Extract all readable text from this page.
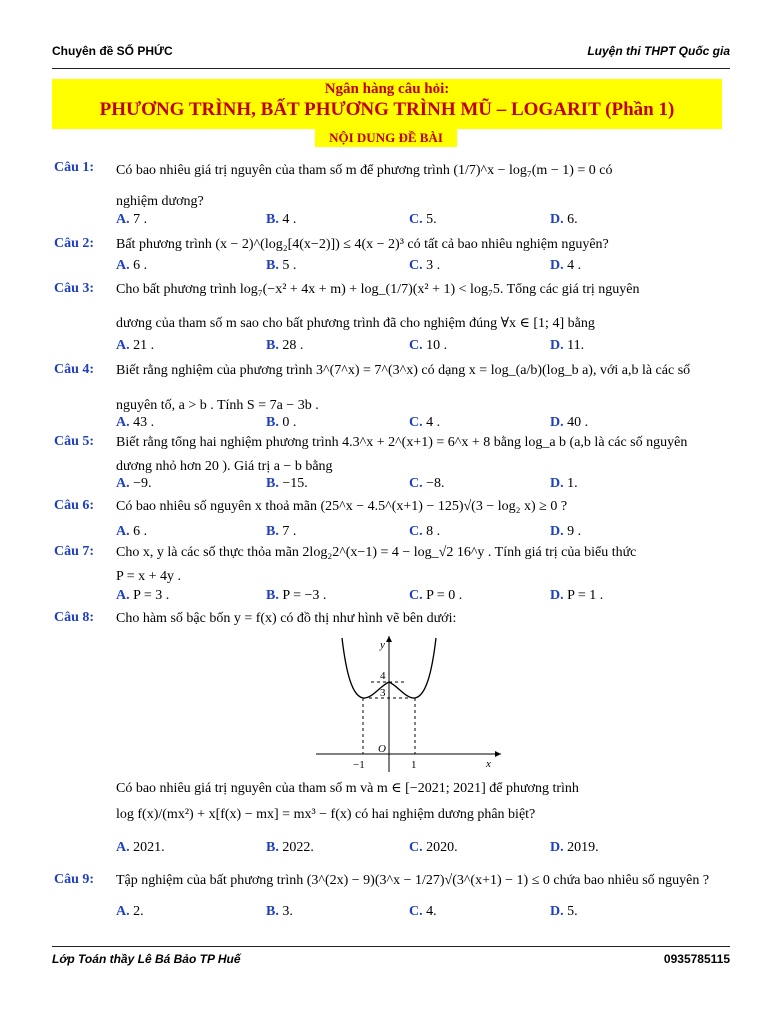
Chuyên đề SỐ PHỨC	Luyện thi THPT Quốc gia
Ngân hàng câu hỏi:
PHƯƠNG TRÌNH, BẤT PHƯƠNG TRÌNH MŨ – LOGARIT (Phần 1)
NỘI DUNG ĐỀ BÀI
Câu 1: Có bao nhiêu giá trị nguyên của tham số m để phương trình (1/7)^x − log₇(m − 1) = 0 có
nghiệm dương?
A. 7 .	B. 4 .	C. 5.	D. 6.
Câu 2: Bất phương trình (x − 2)^(log₂[4(x−2)]) ≤ 4(x − 2)³ có tất cả bao nhiêu nghiệm nguyên?
A. 6 .	B. 5 .	C. 3 .	D. 4 .
Câu 3: Cho bất phương trình log₇(−x² + 4x + m) + log_(1/7)(x² + 1) < log₇5. Tổng các giá trị nguyên
dương của tham số m sao cho bất phương trình đã cho nghiệm đúng ∀x ∈ [1; 4] bằng
A. 21 .	B. 28 .	C. 10 .	D. 11.
Câu 4: Biết rằng nghiệm của phương trình 3^(7^x) = 7^(3^x) có dạng x = log_(a/b)(log_b a), với a,b là các số
nguyên tố, a > b . Tính S = 7a − 3b .
A. 43 .	B. 0 .	C. 4 .	D. 40 .
Câu 5: Biết rằng tổng hai nghiệm phương trình 4.3^x + 2^(x+1) = 6^x + 8 bằng log_a b (a,b là các số nguyên
dương nhỏ hơn 20 ). Giá trị a − b bằng
A. −9.	B. −15.	C. −8.	D. 1.
Câu 6: Có bao nhiêu số nguyên x thoả mãn (25^x − 4.5^(x+1) − 125)√(3 − log₂ x) ≥ 0 ?
A. 6 .	B. 7 .	C. 8 .	D. 9 .
Câu 7: Cho x, y là các số thực thỏa mãn 2log₂2^(x−1) = 4 − log_√2 16^y . Tính giá trị của biểu thức
P = x + 4y .
A. P = 3 .	B. P = −3 .	C. P = 0 .	D. P = 1 .
Câu 8: Cho hàm số bậc bốn y = f(x) có đồ thị như hình vẽ bên dưới:
Có bao nhiêu giá trị nguyên của tham số m và m ∈ [−2021; 2021] để phương trình
log f(x)/(mx²) + x[f(x) − mx] = mx³ − f(x) có hai nghiệm dương phân biệt?
A. 2021.	B. 2022.	C. 2020.	D. 2019.
y
x
O
−1	1
3
4
Câu 9: Tập nghiệm của bất phương trình (3^(2x) − 9)(3^x − 1/27)√(3^(x+1) − 1) ≤ 0 chứa bao nhiêu số nguyên ?
A. 2.	B. 3.	C. 4.	D. 5.
Lớp Toán thầy Lê Bá Bảo TP Huế	0935785115
